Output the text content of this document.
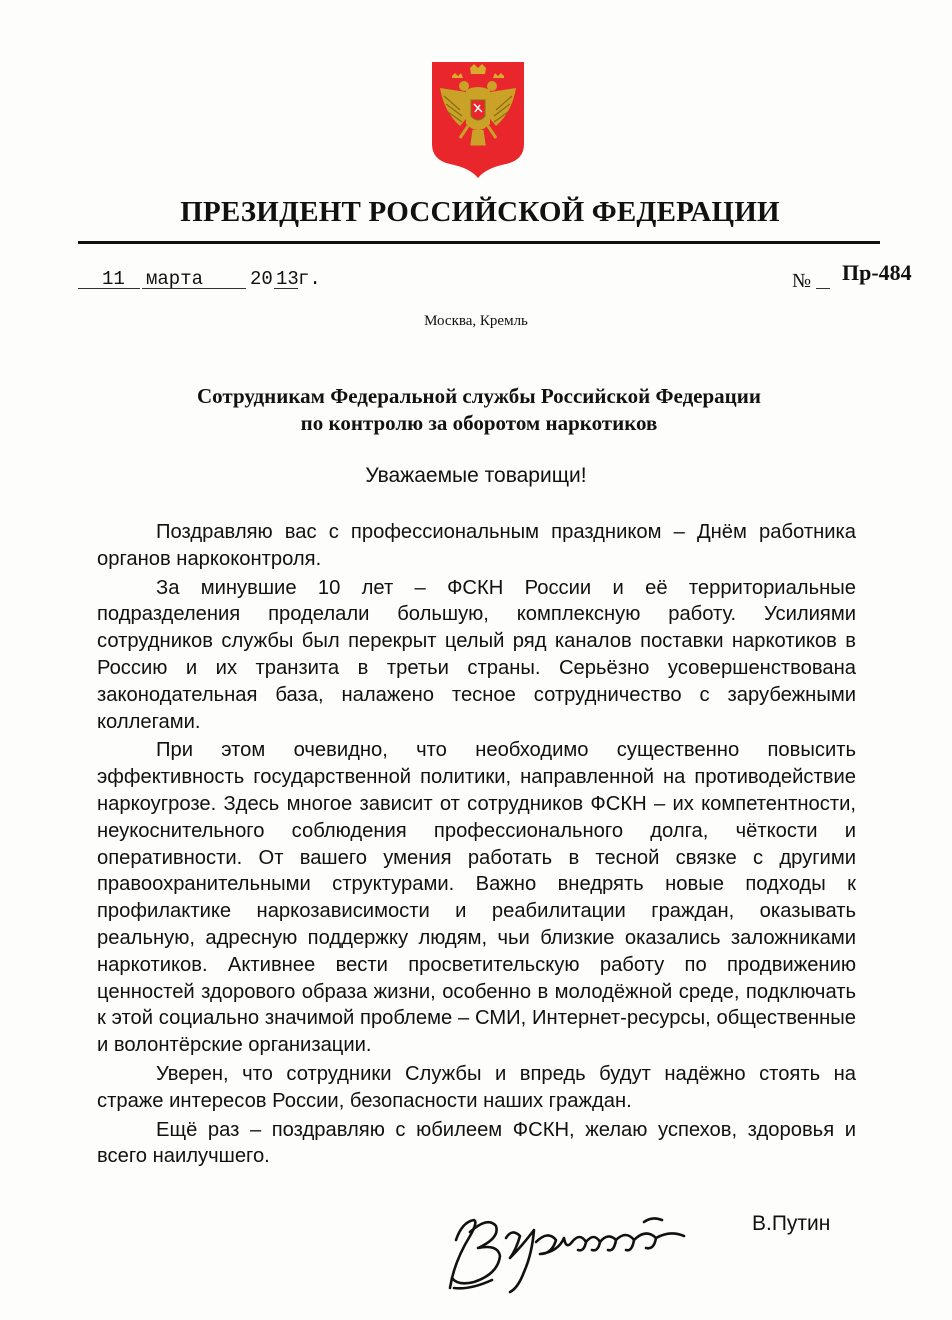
ПРЕЗИДЕНТ РОССИЙСКОЙ ФЕДЕРАЦИИ
11 марта 20 13 г.	№ Пр-484
Москва, Кремль
Сотрудникам Федеральной службы Российской Федерации
по контролю за оборотом наркотиков
Уважаемые товарищи!

Поздравляю вас с профессиональным праздником – Днём работника органов наркоконтроля.

За минувшие 10 лет – ФСКН России и её территориальные подразделения проделали большую, комплексную работу. Усилиями сотрудников службы был перекрыт целый ряд каналов поставки наркотиков в Россию и их транзита в третьи страны. Серьёзно усовершенствована законодательная база, налажено тесное сотрудничество с зарубежными коллегами.

При этом очевидно, что необходимо существенно повысить эффективность государственной политики, направленной на противодействие наркоугрозе. Здесь многое зависит от сотрудников ФСКН – их компетентности, неукоснительного соблюдения профессионального долга, чёткости и оперативности. От вашего умения работать в тесной связке с другими правоохранительными структурами. Важно внедрять новые подходы к профилактике наркозависимости и реабилитации граждан, оказывать реальную, адресную поддержку людям, чьи близкие оказались заложниками наркотиков. Активнее вести просветительскую работу по продвижению ценностей здорового образа жизни, особенно в молодёжной среде, подключать к этой социально значимой проблеме – СМИ, Интернет-ресурсы, общественные и волонтёрские организации.

Уверен, что сотрудники Службы и впредь будут надёжно стоять на страже интересов России, безопасности наших граждан.

Ещё раз – поздравляю с юбилеем ФСКН, желаю успехов, здоровья и всего наилучшего.

В.Путин
